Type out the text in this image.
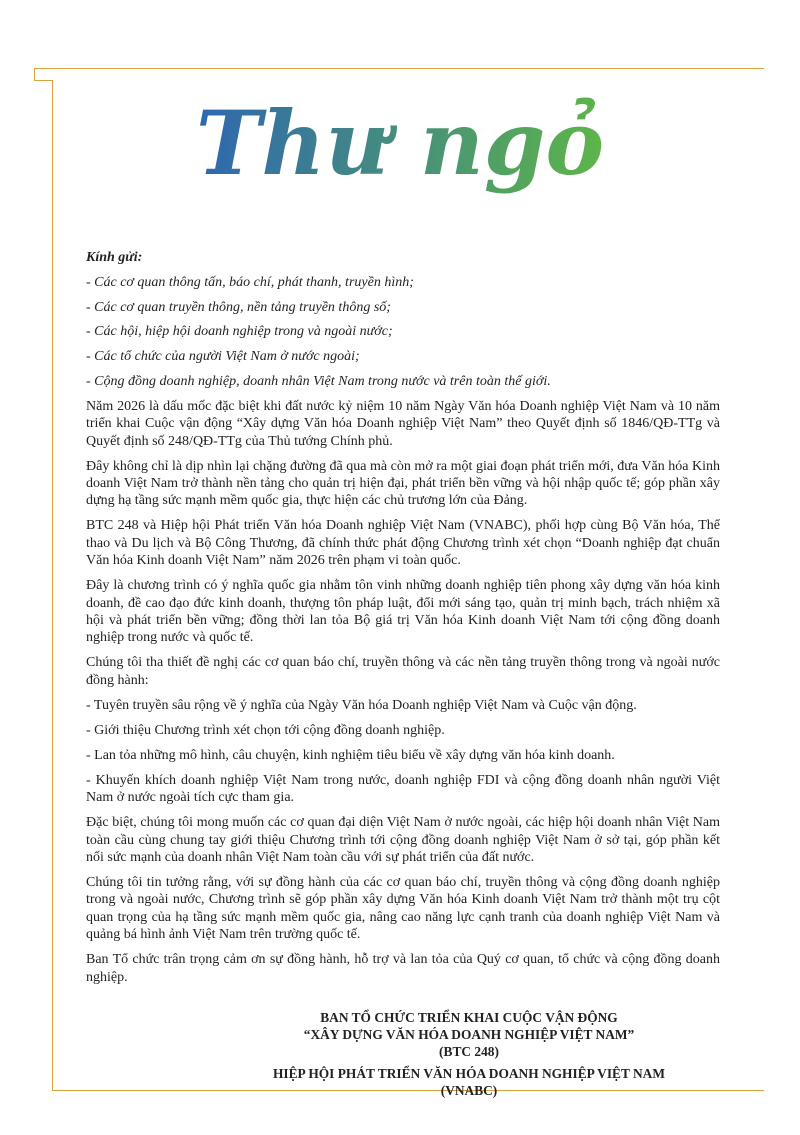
Thư ngỏ

Kính gửi:

- Các cơ quan thông tấn, báo chí, phát thanh, truyền hình;

- Các cơ quan truyền thông, nền tảng truyền thông số;

- Các hội, hiệp hội doanh nghiệp trong và ngoài nước;

- Các tổ chức của người Việt Nam ở nước ngoài;

- Cộng đồng doanh nghiệp, doanh nhân Việt Nam trong nước và trên toàn thế giới.

Năm 2026 là dấu mốc đặc biệt khi đất nước kỷ niệm 10 năm Ngày Văn hóa Doanh nghiệp Việt Nam và 10 năm triển khai Cuộc vận động “Xây dựng Văn hóa Doanh nghiệp Việt Nam” theo Quyết định số 1846/QĐ-TTg và Quyết định số 248/QĐ-TTg của Thủ tướng Chính phủ.

Đây không chỉ là dịp nhìn lại chặng đường đã qua mà còn mở ra một giai đoạn phát triển mới, đưa Văn hóa Kinh doanh Việt Nam trở thành nền tảng cho quản trị hiện đại, phát triển bền vững và hội nhập quốc tế; góp phần xây dựng hạ tầng sức mạnh mềm quốc gia, thực hiện các chủ trương lớn của Đảng.

BTC 248 và Hiệp hội Phát triển Văn hóa Doanh nghiệp Việt Nam (VNABC), phối hợp cùng Bộ Văn hóa, Thể thao và Du lịch và Bộ Công Thương, đã chính thức phát động Chương trình xét chọn “Doanh nghiệp đạt chuẩn Văn hóa Kinh doanh Việt Nam” năm 2026 trên phạm vi toàn quốc.

Đây là chương trình có ý nghĩa quốc gia nhằm tôn vinh những doanh nghiệp tiên phong xây dựng văn hóa kinh doanh, đề cao đạo đức kinh doanh, thượng tôn pháp luật, đổi mới sáng tạo, quản trị minh bạch, trách nhiệm xã hội và phát triển bền vững; đồng thời lan tỏa Bộ giá trị Văn hóa Kinh doanh Việt Nam tới cộng đồng doanh nghiệp trong nước và quốc tế.

Chúng tôi tha thiết đề nghị các cơ quan báo chí, truyền thông và các nền tảng truyền thông trong và ngoài nước đồng hành:

- Tuyên truyền sâu rộng về ý nghĩa của Ngày Văn hóa Doanh nghiệp Việt Nam và Cuộc vận động.

- Giới thiệu Chương trình xét chọn tới cộng đồng doanh nghiệp.

- Lan tỏa những mô hình, câu chuyện, kinh nghiệm tiêu biểu về xây dựng văn hóa kinh doanh.

- Khuyến khích doanh nghiệp Việt Nam trong nước, doanh nghiệp FDI và cộng đồng doanh nhân người Việt Nam ở nước ngoài tích cực tham gia.

Đặc biệt, chúng tôi mong muốn các cơ quan đại diện Việt Nam ở nước ngoài, các hiệp hội doanh nhân Việt Nam toàn cầu cùng chung tay giới thiệu Chương trình tới cộng đồng doanh nghiệp Việt Nam ở sở tại, góp phần kết nối sức mạnh của doanh nhân Việt Nam toàn cầu với sự phát triển của đất nước.

Chúng tôi tin tưởng rằng, với sự đồng hành của các cơ quan báo chí, truyền thông và cộng đồng doanh nghiệp trong và ngoài nước, Chương trình sẽ góp phần xây dựng Văn hóa Kinh doanh Việt Nam trở thành một trụ cột quan trọng của hạ tầng sức mạnh mềm quốc gia, nâng cao năng lực cạnh tranh của doanh nghiệp Việt Nam và quảng bá hình ảnh Việt Nam trên trường quốc tế.

Ban Tổ chức trân trọng cảm ơn sự đồng hành, hỗ trợ và lan tỏa của Quý cơ quan, tổ chức và cộng đồng doanh nghiệp.

BAN TỔ CHỨC TRIỂN KHAI CUỘC VẬN ĐỘNG
“XÂY DỰNG VĂN HÓA DOANH NGHIỆP VIỆT NAM”
(BTC 248)
HIỆP HỘI PHÁT TRIỂN VĂN HÓA DOANH NGHIỆP VIỆT NAM
(VNABC)
